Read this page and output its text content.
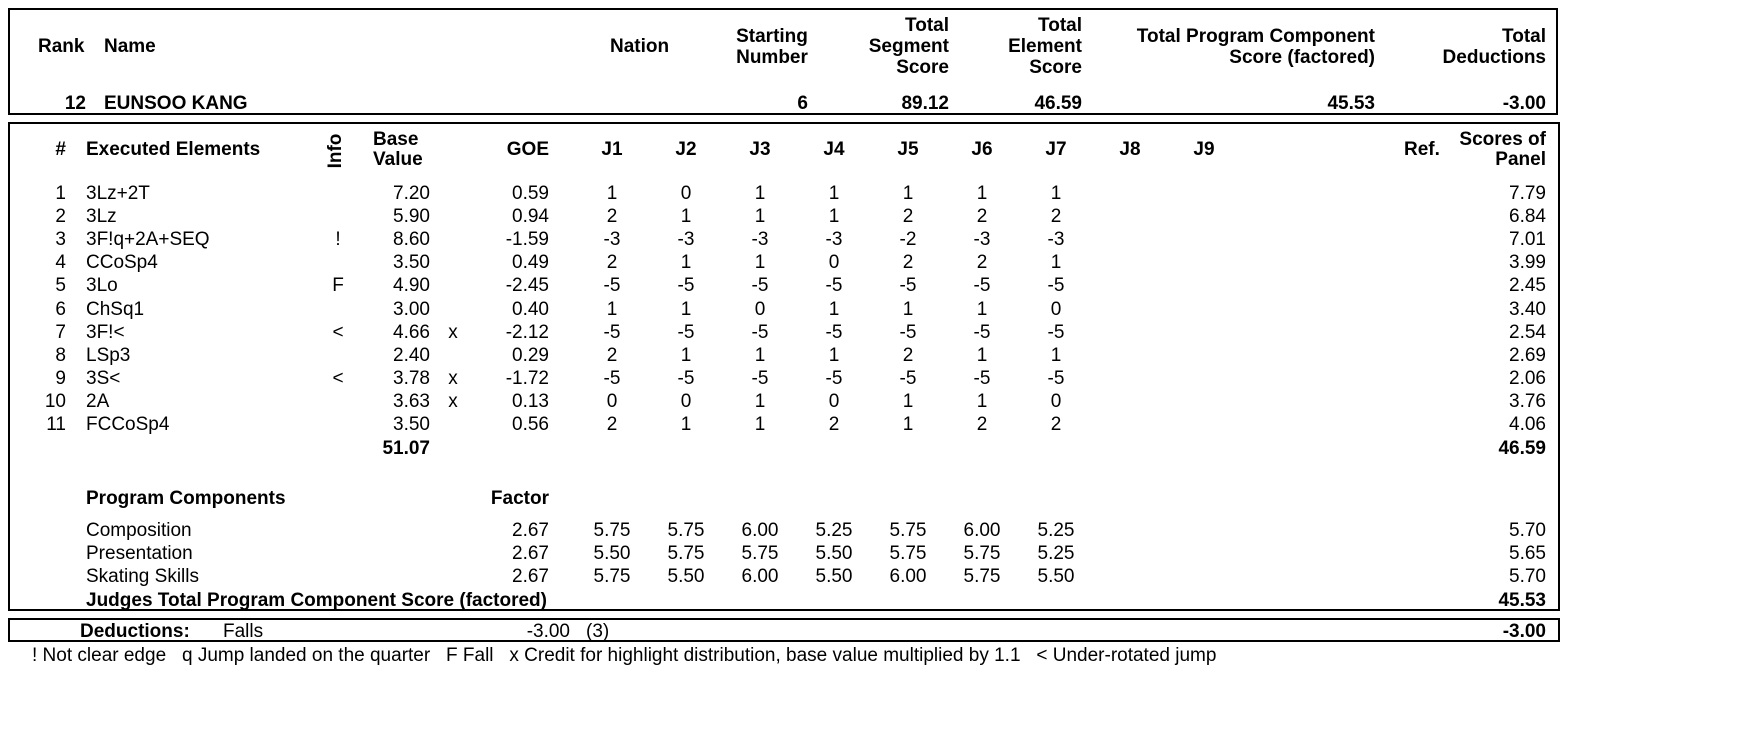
Rank Name	Nation	Starting
Number
Total
Segment
Score
Total
Element
Score
Total Program Component
Score (factored)
Total
Deductions
12 EUNSOO KANG	6	89.12	46.59	45.53	-3.00
# Executed Elements	Info Base
Value	GOE	J1	J2	J3	J4	J5	J6	J7	J8	J9	Ref.	Scores of
Panel
1 3Lz+2T	7.20	0.59	1	0	1	1	1	1	1	7.79
2 3Lz	5.90	0.94	2	1	1	1	2	2	2	6.84
3 3F!q+2A+SEQ	!	8.60	-1.59	-3	-3	-3	-3	-2	-3	-3	7.01
4 CCoSp4	3.50	0.49	2	1	1	0	2	2	1	3.99
5 3Lo	F	4.90	-2.45	-5	-5	-5	-5	-5	-5	-5	2.45
6 ChSq1	3.00	0.40	1	1	0	1	1	1	0	3.40
7 3F!<	<	4.66 x	-2.12	-5	-5	-5	-5	-5	-5	-5	2.54
8 LSp3	2.40	0.29	2	1	1	1	2	1	1	2.69
9 3S<	<	3.78 x	-1.72	-5	-5	-5	-5	-5	-5	-5	2.06
10 2A	3.63 x	0.13	0	0	1	0	1	1	0	3.76
11 FCCoSp4	3.50	0.56	2	1	1	2	1	2	2	4.06
51.07	46.59
Program Components	Factor
Composition	2.67	5.75	5.75	6.00	5.25	5.75	6.00	5.25	5.70
Presentation	2.67	5.50	5.75	5.75	5.50	5.75	5.75	5.25	5.65
Skating Skills	2.67	5.75	5.50	6.00	5.50	6.00	5.75	5.50	5.70
Judges Total Program Component Score (factored)	45.53
Deductions: Falls	-3.00 (3)	-3.00
! Not clear edge   q Jump landed on the quarter   F Fall   x Credit for highlight distribution, base value multiplied by 1.1   < Under-rotated jump
